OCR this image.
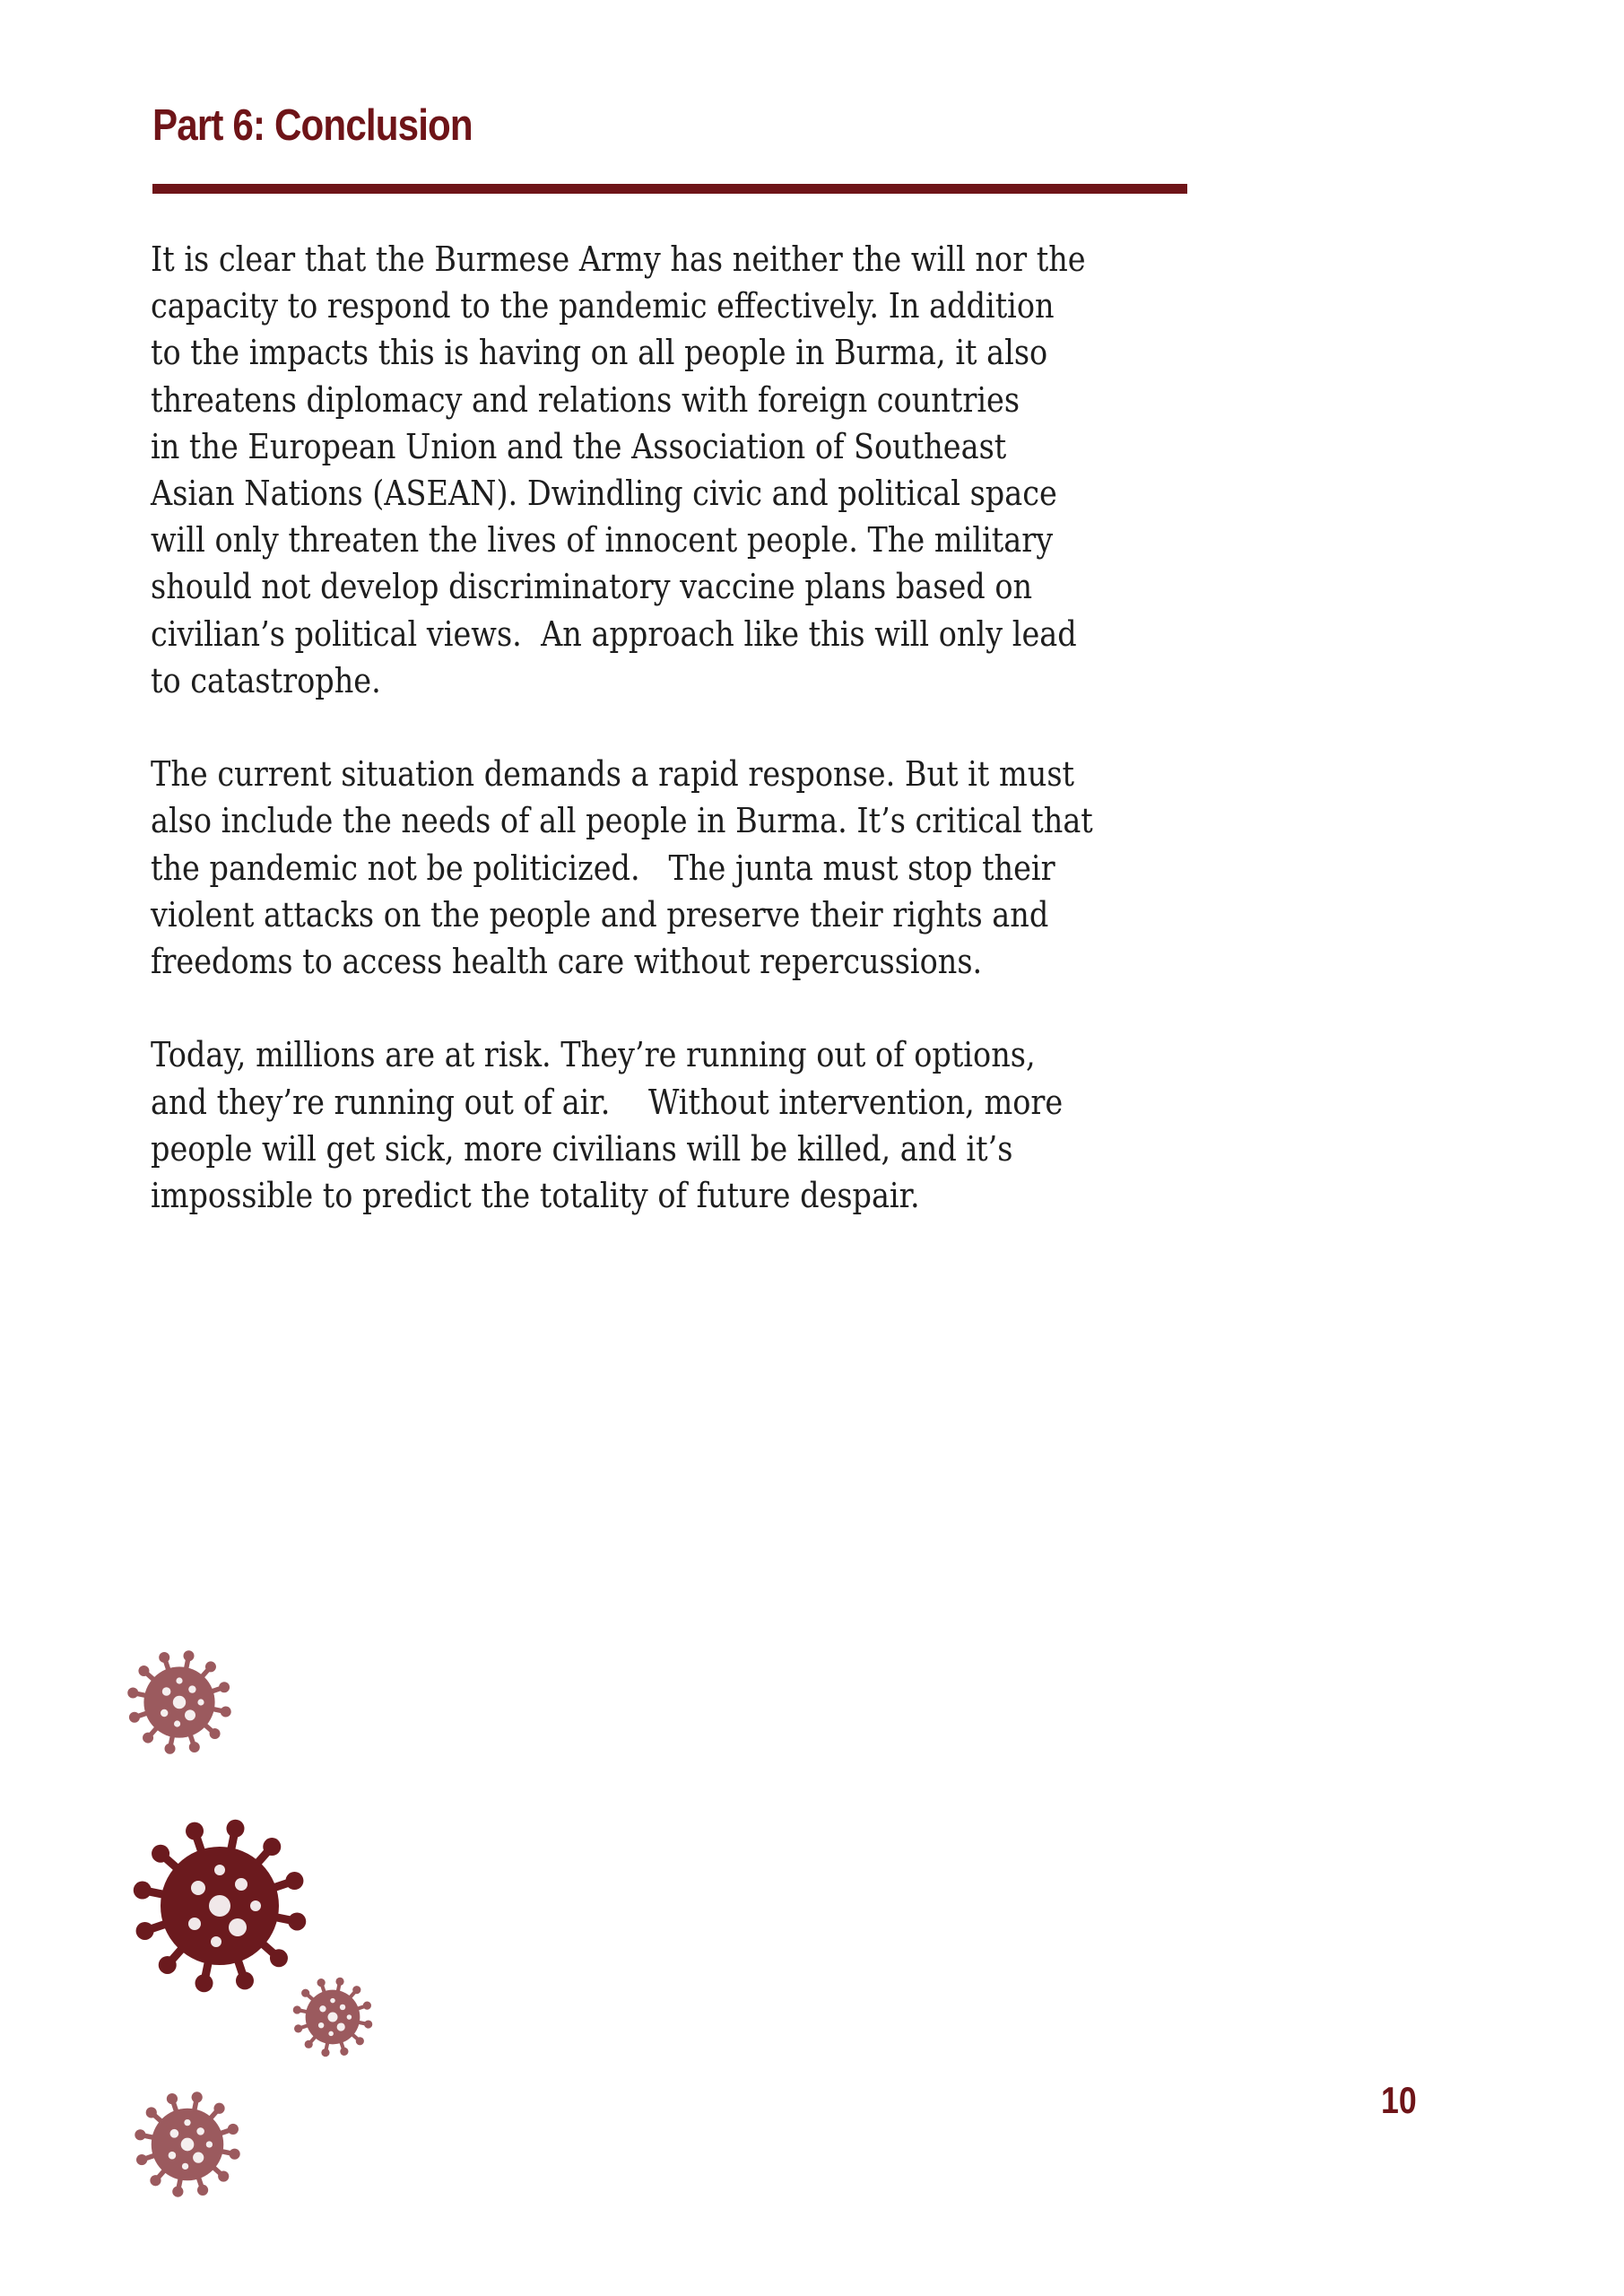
Part 6: Conclusion

It is clear that the Burmese Army has neither the will nor the
capacity to respond to the pandemic effectively. In addition
to the impacts this is having on all people in Burma, it also
threatens diplomacy and relations with foreign countries
in the European Union and the Association of Southeast
Asian Nations (ASEAN). Dwindling civic and political space
will only threaten the lives of innocent people. The military
should not develop discriminatory vaccine plans based on
civilian’s political views.  An approach like this will only lead
to catastrophe.

The current situation demands a rapid response. But it must
also include the needs of all people in Burma. It’s critical that
the pandemic not be politicized.   The junta must stop their
violent attacks on the people and preserve their rights and
freedoms to access health care without repercussions.

Today, millions are at risk. They’re running out of options,
and they’re running out of air.    Without intervention, more
people will get sick, more civilians will be killed, and it’s
impossible to predict the totality of future despair.

10
